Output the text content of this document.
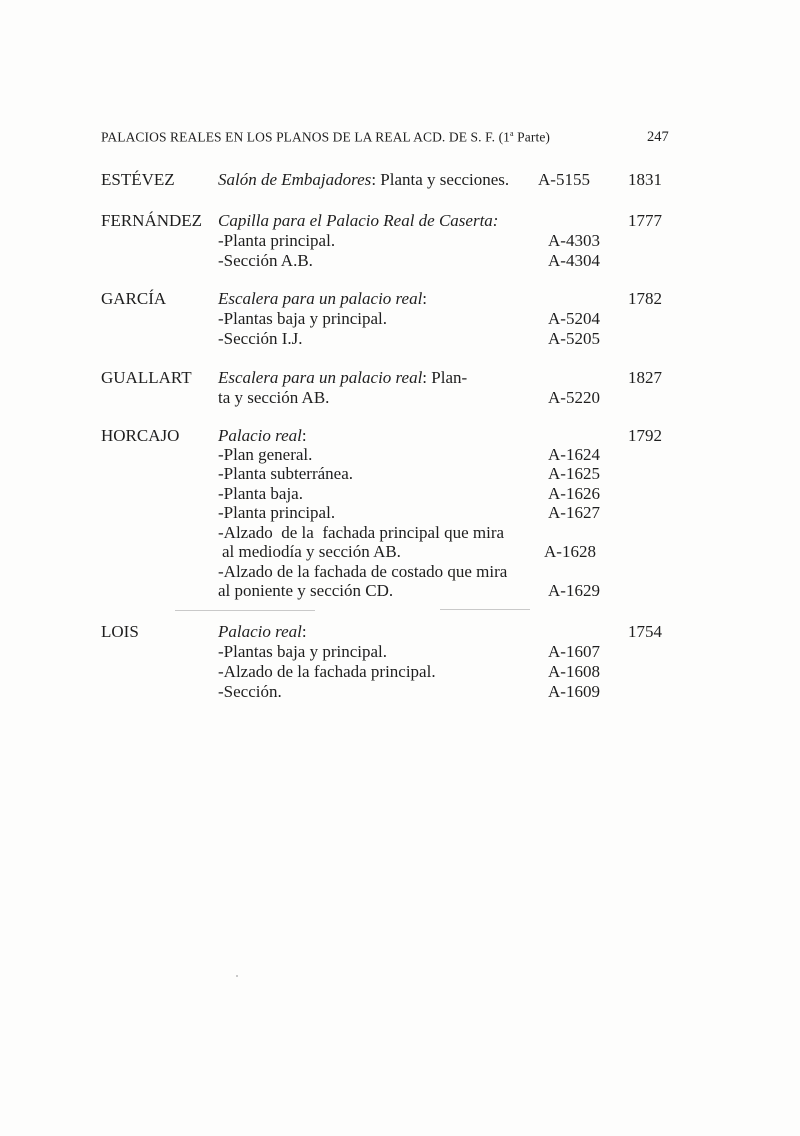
PALACIOS REALES EN LOS PLANOS DE LA REAL ACD. DE S. F. (1$^a$ Parte)	247
ESTÉVEZ	Salón de Embajadores: Planta y secciones. A-5155 1831
FERNÁNDEZ Capilla para el Palacio Real de Caserta:	1777
-Planta principal.	A-4303
-Sección A.B.	A-4304
GARCÍA	Escalera para un palacio real:	1782
-Plantas baja y principal.	A-5204
-Sección I.J.	A-5205
GUALLART Escalera para un palacio real: Plan-	1827
ta y sección AB.	A-5220
HORCAJO Palacio real:	1792
-Plan general.	A-1624
-Planta subterránea.	A-1625
-Planta baja.	A-1626
-Planta principal.	A-1627
-Alzado  de la  fachada principal que mira
al mediodía y sección AB.	A-1628
-Alzado de la fachada de costado que mira
al poniente y sección CD.	A-1629
LOIS	Palacio real:	1754
-Plantas baja y principal.	A-1607
-Alzado de la fachada principal.	A-1608
-Sección.	A-1609
